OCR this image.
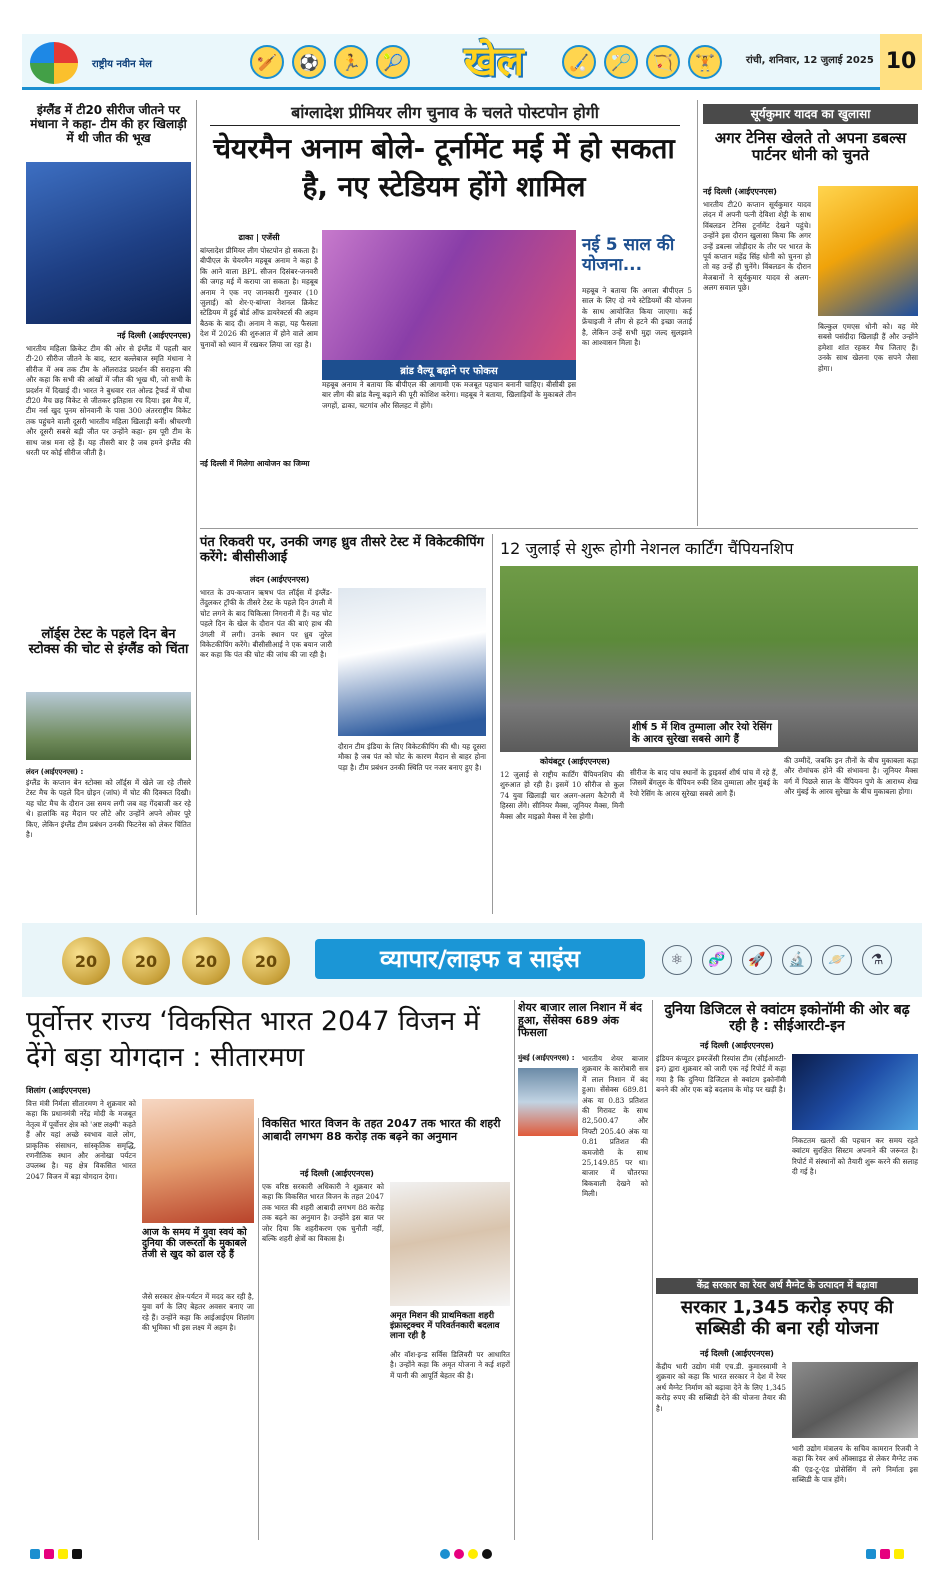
राष्ट्रीय नवीन मेल	🏏	⚽	🏃	🎾	खेल	🏑	🏸	🏹	🏋	रांची, शनिवार, 12 जुलाई 2025 10
इंग्लैंड में टी20 सीरीज जीतने पर मंधाना ने कहा- टीम की हर खिलाड़ी में थी जीत की भूख
नई दिल्ली (आईएएनएस)
भारतीय महिला क्रिकेट टीम की ओर से इंग्लैंड में पहली बार टी-20 सीरीज जीतने के बाद, स्टार बल्लेबाज स्मृति मंधाना ने सीरीज में अब तक टीम के ऑलराउंड प्रदर्शन की सराहना की और कहा कि सभी की आंखों में जीत की भूख थी, जो सभी के प्रदर्शन में दिखाई दी। भारत ने बुधवार रात ओल्ड ट्रैफर्ड में चौथा टी20 मैच छह विकेट से जीतकर इतिहास रच दिया। इस मैच में, टीम नर्स खुद पूनम सोनवानी के पास 300 अंतरराष्ट्रीय विकेट तक पहुंचने वाली दूसरी भारतीय महिला खिलाड़ी बनीं। श्रीचरणी और दूसरी सबसे बड़ी जीत पर उन्होंने कहा- हम पूरी टीम के साथ जश्न मना रहे हैं। यह तीसरी बार है जब हमने इंग्लैंड की धरती पर कोई सीरीज जीती है।
लॉर्ड्स टेस्ट के पहले दिन बेन स्टोक्स की चोट से इंग्लैंड को चिंता
लंदन (आईएएनएस) :
इंग्लैंड के कप्तान बेन स्टोक्स को लॉर्ड्स में खेले जा रहे तीसरे टेस्ट मैच के पहले दिन ग्रोइन (जांघ) में चोट की दिक्कत दिखी। यह चोट मैच के दौरान उस समय लगी जब वह गेंदबाजी कर रहे थे। हालांकि वह मैदान पर लौटे और उन्होंने अपने ओवर पूरे किए, लेकिन इंग्लैंड टीम प्रबंधन उनकी फिटनेस को लेकर चिंतित है।
बांग्लादेश प्रीमियर लीग चुनाव के चलते पोस्टपोन होगी
चेयरमैन अनाम बोले- टूर्नामेंट मई में हो सकता है, नए स्टेडियम होंगे शामिल
ढाका | एजेंसी
बांग्लादेश प्रीमियर लीग पोस्टपोन हो सकता है। बीपीएल के चेयरमैन महबूब अनाम ने कहा है कि आने वाला BPL सीजन दिसंबर-जनवरी की जगह मई में कराया जा सकता है। महबूब अनाम ने एक नए जानकारी गुरुवार (10 जुलाई) को शेर-ए-बांग्ला नेशनल क्रिकेट स्टेडियम में हुई बोर्ड ऑफ डायरेक्टर्स की अहम बैठक के बाद दी। अनाम ने कहा, यह फैसला देश में 2026 की शुरुआत में होने वाले आम चुनावों को ध्यान में रखकर लिया जा रहा है।
ब्रांड वैल्यू बढ़ाने पर फोकस
महबूब अनाम ने बताया कि बीपीएल की आगामी एक मजबूत पहचान बनानी चाहिए। बीसीबी इस बार लीग की ब्रांड वैल्यू बढ़ाने की पूरी कोशिश करेगा। महबूब ने बताया, खिलाड़ियों के मुकाबले तीन जगहों, ढाका, चटगांव और सिलहट में होंगे।
नई दिल्ली में मिलेगा आयोजन का जिम्मा
नई 5 साल की योजना...
महबूब ने बताया कि अगला बीपीएल 5 साल के लिए दो नये स्टेडियमों की योजना के साथ आयोजित किया जाएगा। कई फ्रेंचाइजी ने लीग से हटने की इच्छा जताई है, लेकिन उन्हें सभी मुद्दा जल्द सुलझाने का आश्वासन मिला है।
सूर्यकुमार यादव का खुलासा
अगर टेनिस खेलते तो अपना डबल्स पार्टनर धोनी को चुनते
नई दिल्ली (आईएएनएस)
भारतीय टी20 कप्तान सूर्यकुमार यादव लंदन में अपनी पत्नी देविशा शेट्टी के साथ विंबलडन टेनिस टूर्नामेंट देखने पहुंचे। उन्होंने इस दौरान खुलासा किया कि अगर उन्हें डबल्स जोड़ीदार के तौर पर भारत के पूर्व कप्तान महेंद्र सिंह धोनी को चुनना हो तो वह उन्हें ही चुनेंगे। विंबलडन के दौरान मेजबानों ने सूर्यकुमार यादव से अलग-अलग सवाल पूछे।
बिल्कुल एमएस धोनी को। वह मेरे सबसे पसंदीदा खिलाड़ी हैं और उन्होंने हमेशा शांत रहकर मैच जिताए हैं। उनके साथ खेलना एक सपने जैसा होगा।
पंत रिकवरी पर, उनकी जगह ध्रुव तीसरे टेस्ट में विकेटकीपिंग करेंगे: बीसीसीआई
लंदन (आईएएनएस)
भारत के उप-कप्तान ऋषभ पंत लॉर्ड्स में इंग्लैंड-तेंदुलकर ट्रॉफी के तीसरे टेस्ट के पहले दिन उंगली में चोट लगने के बाद चिकित्सा निगरानी में हैं। यह चोट पहले दिन के खेल के दौरान पंत की बाएं हाथ की उंगली में लगी। उनके स्थान पर ध्रुव जुरेल विकेटकीपिंग करेंगे। बीसीसीआई ने एक बयान जारी कर कहा कि पंत की चोट की जांच की जा रही है।
दौरान टीम इंडिया के लिए विकेटकीपिंग की थी। यह दूसरा मौका है जब पंत को चोट के कारण मैदान से बाहर होना पड़ा है। टीम प्रबंधन उनकी स्थिति पर नजर बनाए हुए है।
12 जुलाई से शुरू होगी नेशनल कार्टिंग चैंपियनशिप
शीर्ष 5 में शिव तुम्माला और रेयो रेसिंग के आरव सुरेखा सबसे आगे हैं
सीरीज के बाद पांच स्थानों के ड्राइवर्स शीर्ष पांच में रहे हैं, जिसमें बेंगलुरु के चैंपियन रुकी शिव तुम्माला और मुंबई के रेयो रेसिंग के आरव सुरेखा सबसे आगे हैं।
कोयंबटूर (आईएएनएस)
12 जुलाई से राष्ट्रीय कार्टिंग चैंपियनशिप की शुरुआत हो रही है। इसमें 10 सीरीज से कुल 74 युवा खिलाड़ी चार अलग-अलग कैटेगरी में हिस्सा लेंगे। सीनियर मैक्स, जूनियर मैक्स, मिनी मैक्स और माइक्रो मैक्स में रेस होगी।
की उम्मीदें, जबकि इन तीनों के बीच मुकाबला कड़ा और रोमांचक होने की संभावना है। जूनियर मैक्स वर्ग में पिछले साल के चैंपियन पुणे के आराध्य शेख और मुंबई के आरव सुरेखा के बीच मुकाबला होगा।
20	20	20	20	व्यापार/लाइफ व साइंस	⚛	🧬	🚀	🔬	🪐	⚗
पूर्वोत्तर राज्य ‘विकसित भारत 2047 विजन में देंगे बड़ा योगदान : सीतारमण
शिलांग (आईएएनएस)
वित्त मंत्री निर्मला सीतारमण ने शुक्रवार को कहा कि प्रधानमंत्री नरेंद्र मोदी के मजबूत नेतृत्व में पूर्वोत्तर क्षेत्र को 'अष्ट लक्ष्मी' कहते हैं और यहां अच्छे स्वभाव वाले लोग, प्राकृतिक संसाधन, सांस्कृतिक समृद्धि, रणनीतिक स्थान और अनोखा पर्यटन उपलब्ध है। यह क्षेत्र विकसित भारत 2047 विजन में बड़ा योगदान देगा।
आज के समय में युवा स्वयं को दुनिया की जरूरतों के मुकाबले तेजी से खुद को ढाल रहे हैं
जैसे सरकार क्षेत्र-पर्यटन में मदद कर रही है, युवा वर्ग के लिए बेहतर अवसर बनाए जा रहे हैं। उन्होंने कहा कि आईआईएम शिलांग की भूमिका भी इस लक्ष्य में अहम है।
विकसित भारत विजन के तहत 2047 तक भारत की शहरी आबादी लगभग 88 करोड़ तक बढ़ने का अनुमान
नई दिल्ली (आईएएनएस)
एक वरिष्ठ सरकारी अधिकारी ने शुक्रवार को कहा कि विकसित भारत विजन के तहत 2047 तक भारत की शहरी आबादी लगभग 88 करोड़ तक बढ़ने का अनुमान है। उन्होंने इस बात पर जोर दिया कि शहरीकरण एक चुनौती नहीं, बल्कि शहरी क्षेत्रों का विकास है।
अमृत मिशन की प्राथमिकता शहरी इंफ्रास्ट्रक्चर में परिवर्तनकारी बदलाव लाना रही है
और वॉश-इन्ड सर्विस डिलिवरी पर आधारित है। उन्होंने कहा कि अमृत योजना ने कई शहरों में पानी की आपूर्ति बेहतर की है।
शेयर बाजार लाल निशान में बंद हुआ, सेंसेक्स 689 अंक फिसला
मुंबई (आईएएनएस) :	भारतीय शेयर बाजार शुक्रवार के कारोबारी सत्र में लाल निशान में बंद हुआ। सेंसेक्स 689.81 अंक या 0.83 प्रतिशत की गिरावट के साथ 82,500.47 और निफ्टी 205.40 अंक या 0.81 प्रतिशत की कमजोरी के साथ 25,149.85 पर था। बाजार में चौतरफा बिकवाली देखने को मिली।
दुनिया डिजिटल से क्वांटम इकोनॉमी की ओर बढ़ रही है : सीईआरटी-इन
नई दिल्ली (आईएएनएस)
इंडियन कंप्यूटर इमरजेंसी रिस्पांस टीम (सीईआरटी-इन) द्वारा शुक्रवार को जारी एक नई रिपोर्ट में कहा गया है कि दुनिया डिजिटल से क्वांटम इकोनॉमी बनने की ओर एक बड़े बदलाव के मोड़ पर खड़ी है।
निकटतम खतरों की पहचान कर समय रहते क्वांटम सुरक्षित सिस्टम अपनाने की जरूरत है। रिपोर्ट में संस्थानों को तैयारी शुरू करने की सलाह दी गई है।
केंद्र सरकार का रेयर अर्थ मैग्नेट के उत्पादन में बढ़ावा
सरकार 1,345 करोड़ रुपए की सब्सिडी की बना रही योजना
नई दिल्ली (आईएएनएस)
केंद्रीय भारी उद्योग मंत्री एच.डी. कुमारस्वामी ने शुक्रवार को कहा कि भारत सरकार ने देश में रेयर अर्थ मैग्नेट निर्माण को बढ़ावा देने के लिए 1,345 करोड़ रुपए की सब्सिडी देने की योजना तैयार की है।
भारी उद्योग मंत्रालय के सचिव कामरान रिजवी ने कहा कि रेयर अर्थ ऑक्साइड से लेकर मैग्नेट तक की एंड-टू-एंड प्रोसेसिंग में लगे निर्माता इस सब्सिडी के पात्र होंगे।
